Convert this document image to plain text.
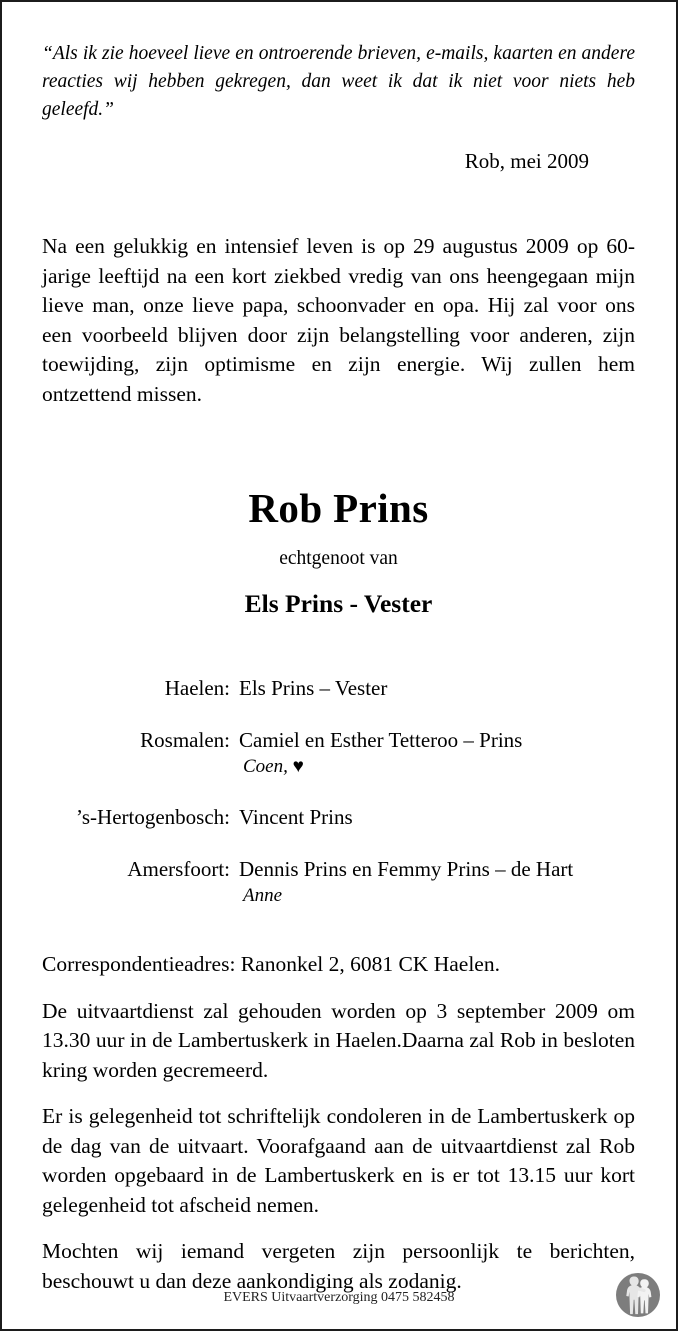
“Als ik zie hoeveel lieve en ontroerende brieven, e-mails, kaarten en andere reacties wij hebben gekregen, dan weet ik dat ik niet voor niets heb geleefd.”
Rob, mei 2009
Na een gelukkig en intensief leven is op 29 augustus 2009 op 60-jarige leeftijd na een kort ziekbed vredig van ons heengegaan mijn lieve man, onze lieve papa, schoonvader en opa. Hij zal voor ons een voorbeeld blijven door zijn belangstelling voor anderen, zijn toewijding, zijn optimisme en zijn energie. Wij zullen hem ontzettend missen.
Rob Prins
echtgenoot van
Els Prins - Vester
Haelen: Els Prins – Vester
Rosmalen: Camiel en Esther Tetteroo – Prins
Coen, ♥
’s-Hertogenbosch: Vincent Prins
Amersfoort: Dennis Prins en Femmy Prins – de Hart
Anne

Correspondentieadres: Ranonkel 2, 6081 CK Haelen.

De uitvaartdienst zal gehouden worden op 3 september 2009 om 13.30 uur in de Lambertuskerk in Haelen.Daarna zal Rob in besloten kring worden gecremeerd.

Er is gelegenheid tot schriftelijk condoleren in de Lambertuskerk op de dag van de uitvaart. Voorafgaand aan de uitvaartdienst zal Rob worden opgebaard in de Lambertuskerk en is er tot 13.15 uur kort gelegenheid tot afscheid nemen.

Mochten wij iemand vergeten zijn persoonlijk te berichten, beschouwt u dan deze aankondiging als zodanig.

EVERS Uitvaartverzorging 0475 582458
